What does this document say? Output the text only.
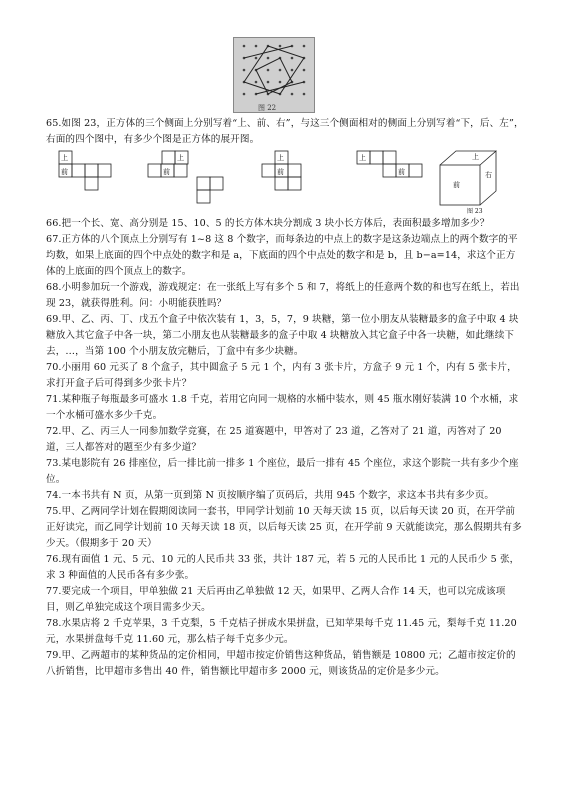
图 22

65.如图 23，正方体的三个侧面上分别写着“上、前、右”，与这三个侧面相对的侧面上分别写着“下，后、左”，右面的四个图中，有多少个图是正方体的展开图。

上
前
上
前
上
前
上
前
前
右
上
图 23

66.把一个长、宽、高分别是 15、10、5 的长方体木块分割成 3 块小长方体后，表面积最多增加多少？

67.正方体的八个顶点上分别写有 1~8 这 8 个数字，而每条边的中点上的数字是这条边端点上的两个数字的平均数，如果上底面的四个中点处的数字和是 a，下底面的四个中点处的数字和是 b，且 b−a=14，求这个正方体的上底面的四个顶点上的数字。

68.小明参加玩一个游戏，游戏规定：在一张纸上写有多个 5 和 7，将纸上的任意两个数的和也写在纸上，若出现 23，就获得胜利。问：小明能获胜吗？

69.甲、乙、丙、丁、戊五个盒子中依次装有 1，3，5，7，9 块糖，第一位小朋友从装糖最多的盒子中取 4 块糖放入其它盒子中各一块，第二小朋友也从装糖最多的盒子中取 4 块糖放入其它盒子中各一块糖，如此继续下去，…，当第 100 个小朋友放完糖后，丁盒中有多少块糖。

70.小丽用 60 元买了 8 个盒子，其中圆盒子 5 元 1 个，内有 3 张卡片，方盒子 9 元 1 个，内有 5 张卡片，求打开盒子后可得到多少张卡片？

71.某种瓶子每瓶最多可盛水 1.8 千克，若用它向同一规格的水桶中装水，则 45 瓶水刚好装满 10 个水桶，求一个水桶可盛水多少千克。

72.甲、乙、丙三人一同参加数学竞赛，在 25 道赛题中，甲答对了 23 道，乙答对了 21 道，丙答对了 20 道，三人都答对的题至少有多少道？

73.某电影院有 26 排座位，后一排比前一排多 1 个座位，最后一排有 45 个座位，求这个影院一共有多少个座位。

74.一本书共有 N 页，从第一页到第 N 页按顺序编了页码后，共用 945 个数字，求这本书共有多少页。

75.甲、乙两同学计划在假期阅读同一套书，甲同学计划前 10 天每天读 15 页，以后每天读 20 页，在开学前正好读完，而乙同学计划前 10 天每天读 18 页，以后每天读 25 页，在开学前 9 天就能读完，那么假期共有多少天。（假期多于 20 天）

76.现有面值 1 元、5 元、10 元的人民币共 33 张，共计 187 元，若 5 元的人民币比 1 元的人民币少 5 张，求 3 种面值的人民币各有多少张。

77.要完成一个项目，甲单独做 21 天后再由乙单独做 12 天，如果甲、乙两人合作 14 天，也可以完成该项目，则乙单独完成这个项目需多少天。

78.水果店将 2 千克苹果，3 千克梨，5 千克桔子拼成水果拼盘，已知苹果每千克 11.45 元，梨每千克 11.20 元，水果拼盘每千克 11.60 元，那么桔子每千克多少元。

79.甲、乙两超市的某种货品的定价相同，甲超市按定价销售这种货品，销售额是 10800 元；乙超市按定价的八折销售，比甲超市多售出 40 件，销售额比甲超市多 2000 元，则该货品的定价是多少元。
